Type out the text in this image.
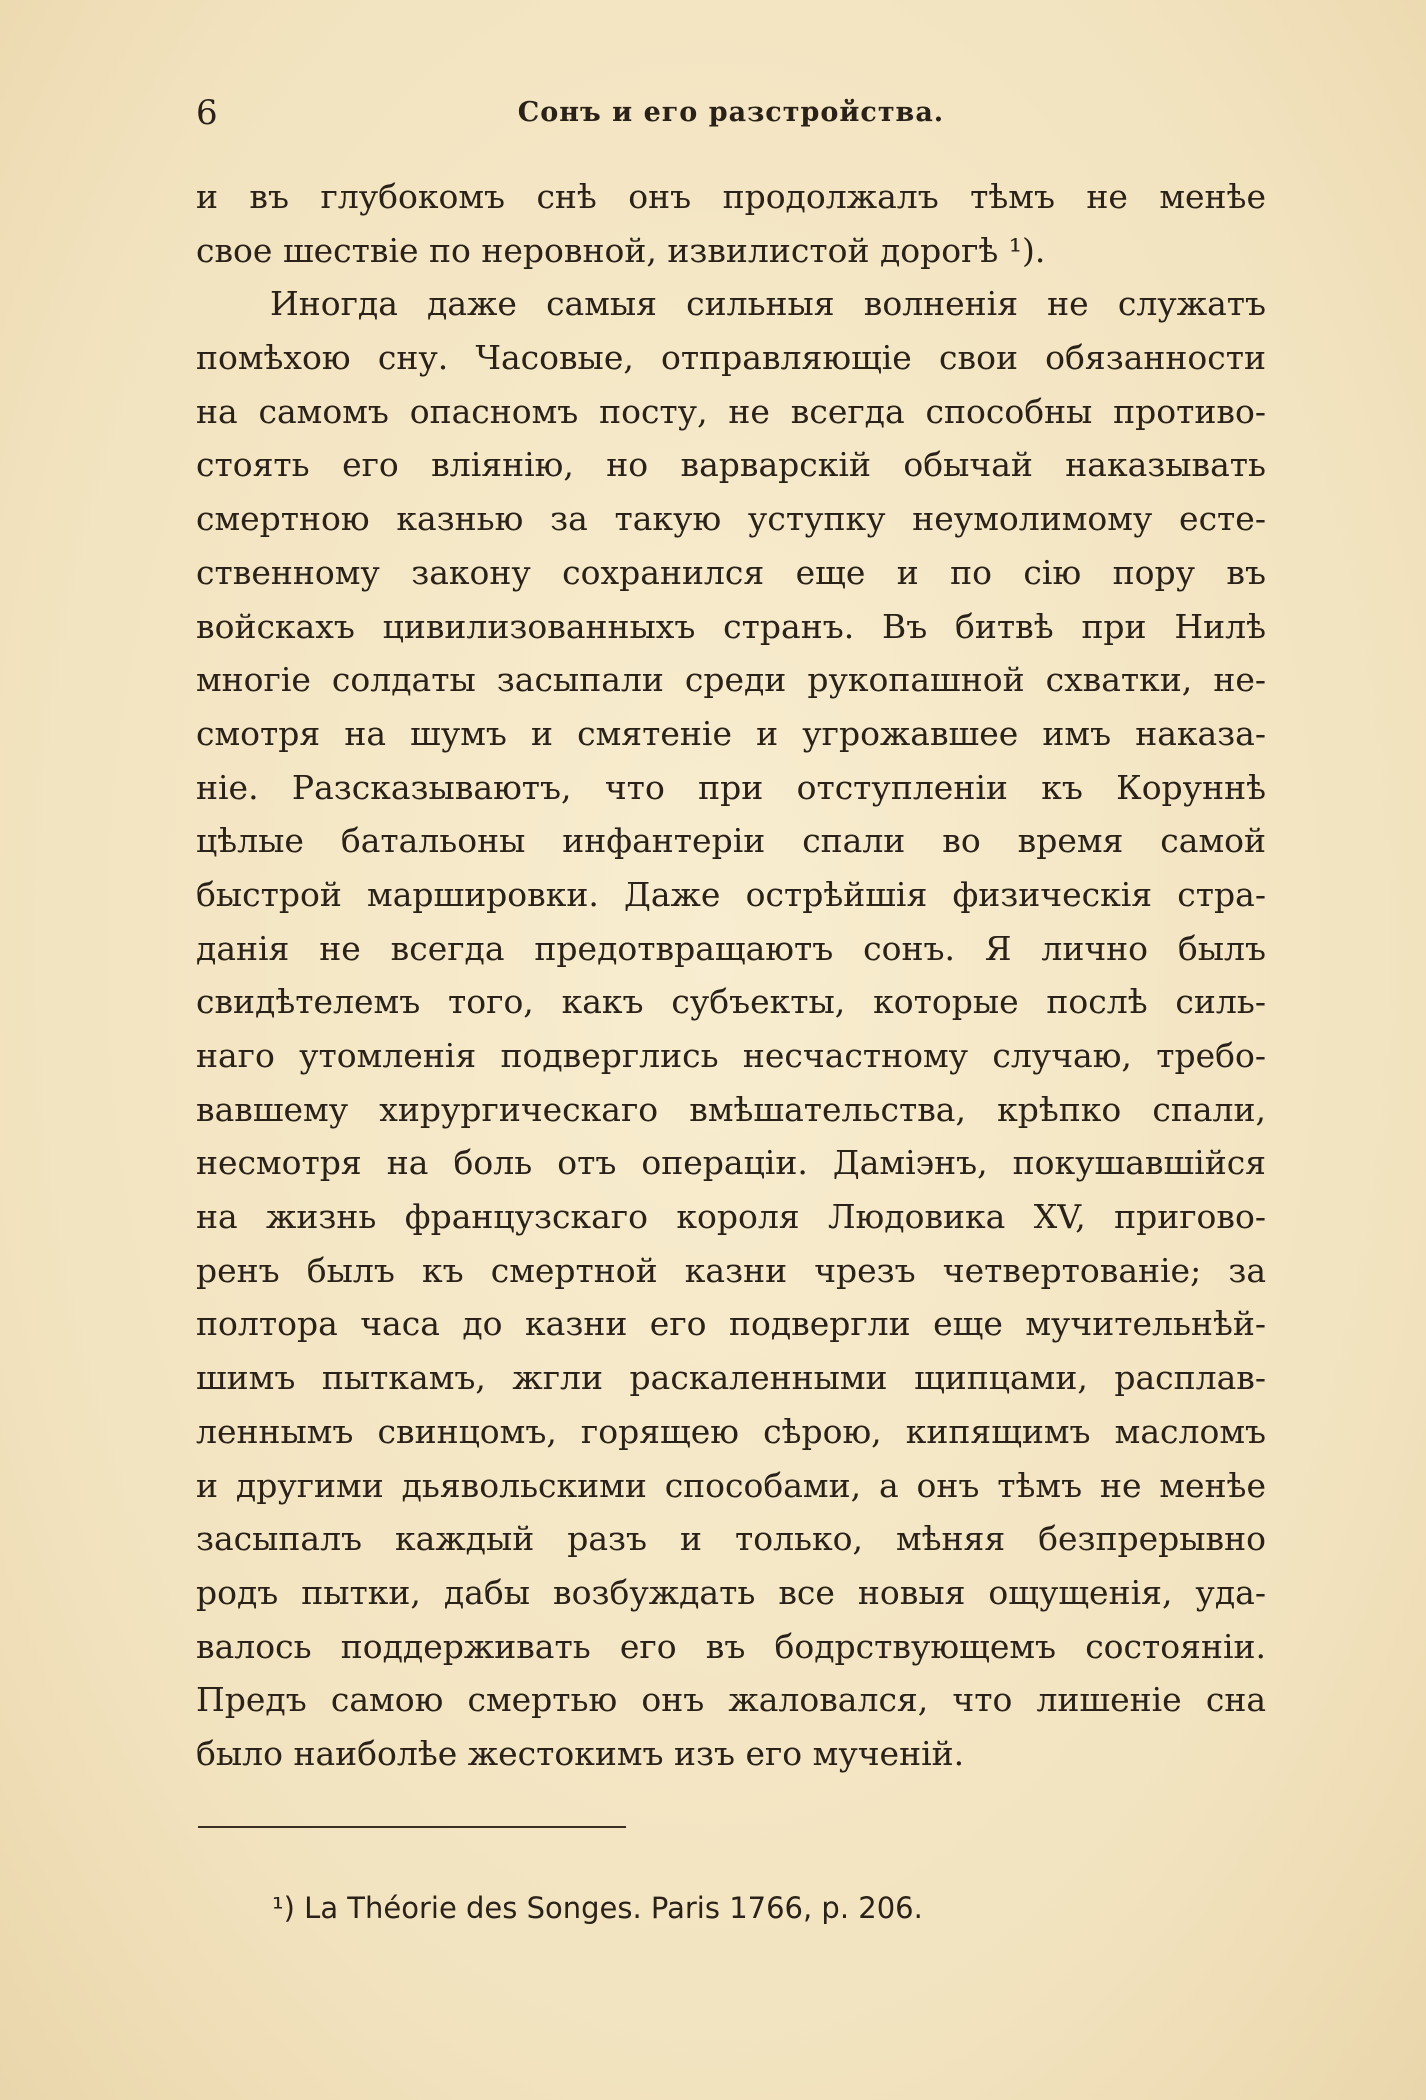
6	Сонъ и его разстройства.
и въ глубокомъ снѣ онъ продолжалъ тѣмъ не менѣе
свое шествіе по неровной, извилистой дорогѣ ¹).
Иногда даже самыя сильныя волненія не служатъ
помѣхою сну. Часовые, отправляющіе свои обязанности
на самомъ опасномъ посту, не всегда способны противо-
стоять его вліянію, но варварскій обычай наказывать
смертною казнью за такую уступку неумолимому есте-
ственному закону сохранился еще и по сію пору въ
войскахъ цивилизованныхъ странъ. Въ битвѣ при Нилѣ
многіе солдаты засыпали среди рукопашной схватки, не-
смотря на шумъ и смятеніе и угрожавшее имъ наказа-
ніе. Разсказываютъ, что при отступленіи къ Коруннѣ
цѣлые батальоны инфантеріи спали во время самой
быстрой маршировки. Даже острѣйшія физическія стра-
данія не всегда предотвращаютъ сонъ. Я лично былъ
свидѣтелемъ того, какъ субъекты, которые послѣ силь-
наго утомленія подверглись несчастному случаю, требо-
вавшему хирургическаго вмѣшательства, крѣпко спали,
несмотря на боль отъ операціи. Даміэнъ, покушавшійся
на жизнь французскаго короля Людовика XV, пригово-
ренъ былъ къ смертной казни чрезъ четвертованіе; за
полтора часа до казни его подвергли еще мучительнѣй-
шимъ пыткамъ, жгли раскаленными щипцами, расплав-
леннымъ свинцомъ, горящею сѣрою, кипящимъ масломъ
и другими дьявольскими способами, а онъ тѣмъ не менѣе
засыпалъ каждый разъ и только, мѣняя безпрерывно
родъ пытки, дабы возбуждать все новыя ощущенія, уда-
валось поддерживать его въ бодрствующемъ состояніи.
Предъ самою смертью онъ жаловался, что лишеніе сна
было наиболѣе жестокимъ изъ его мученій.
¹) La Théorie des Songes. Paris 1766, p. 206.
